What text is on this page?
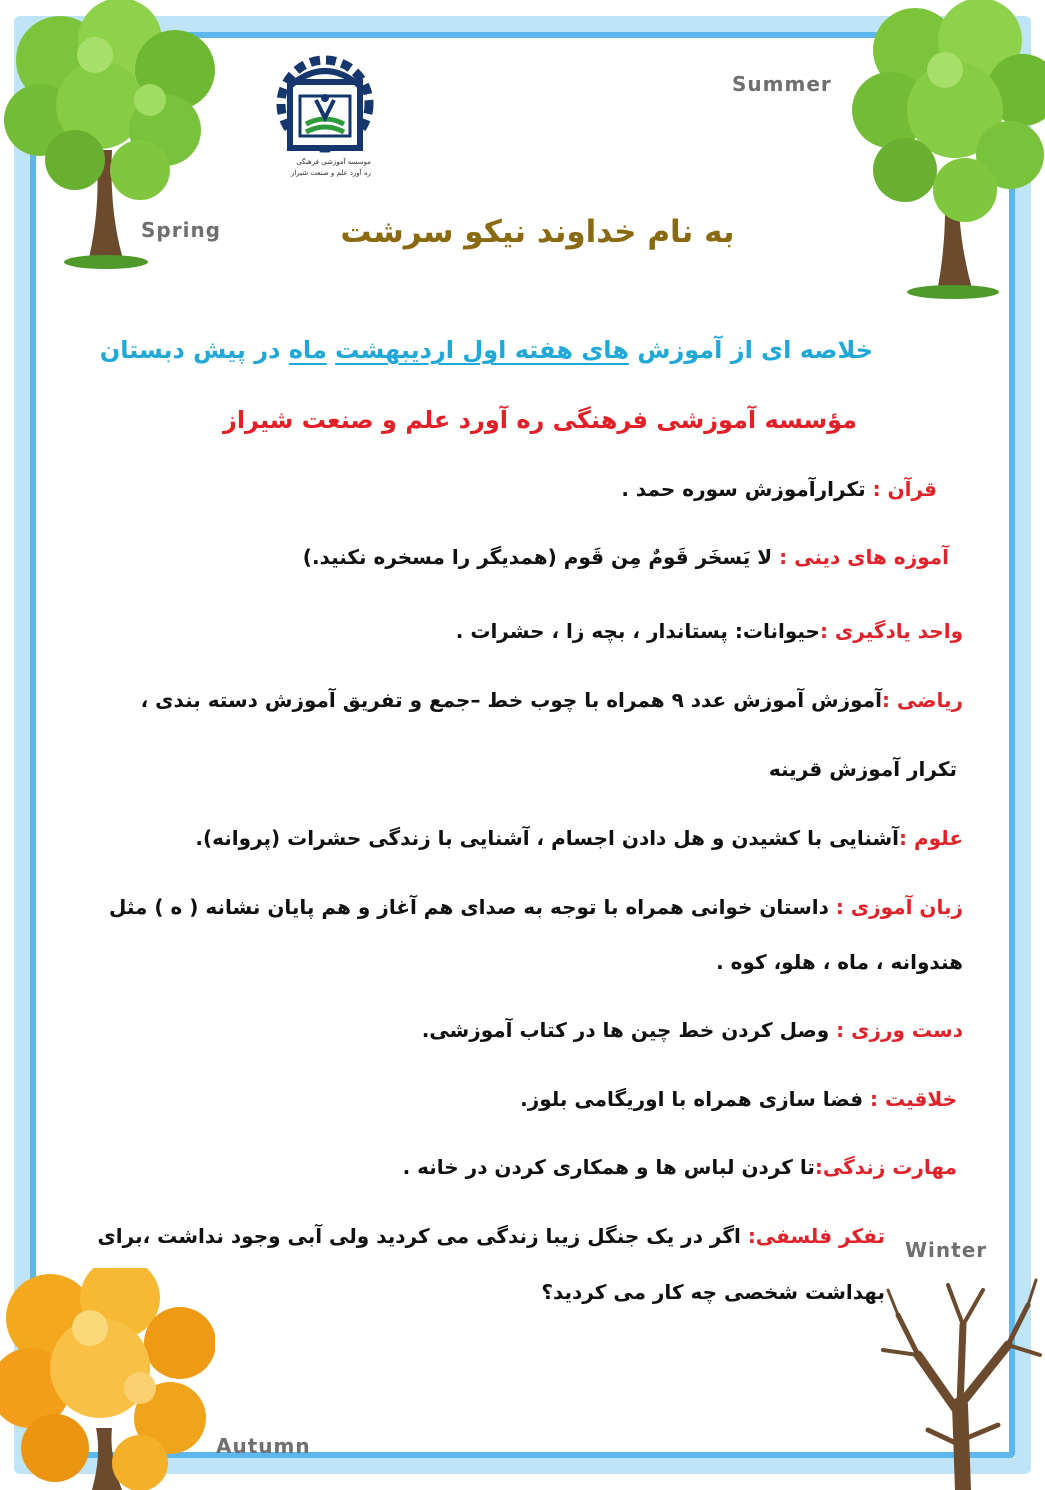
Spring
Summer
Winter
Autumn
موسسه آموزشی فرهنگی
ره آورد علم و صنعت شیراز
به نام خداوند نیکو سرشت
خلاصه ای از آموزش های هفته اول اردیبهشت ماه در پیش دبستان
مؤسسه آموزشی فرهنگی ره آورد علم و صنعت شیراز
قرآن : تکرارآموزش سوره حمد .
آموزه های دینی : لا یَسخَر قَومٌ مِن قَوم (همدیگر را مسخره نکنید.)
واحد یادگیری :حیوانات: پستاندار ، بچه زا ، حشرات .
ریاضی :آموزش آموزش عدد ۹ همراه با چوب خط –جمع و تفریق آموزش دسته بندی ،
تکرار آموزش قرینه
علوم :آشنایی با کشیدن و هل دادن اجسام ، آشنایی با زندگی حشرات (پروانه).
زبان آموزی : داستان خوانی همراه با توجه به صدای هم آغاز و هم پایان نشانه ( ه ) مثل
هندوانه ، ماه ، هلو، کوه .
دست ورزی : وصل کردن خط چین ها در کتاب آموزشی.
خلاقیت : فضا سازی همراه با اوریگامی بلوز.
مهارت زندگی:تا کردن لباس ها و همکاری کردن در خانه .
تفکر فلسفی: اگر در یک جنگل زیبا زندگی می کردید ولی آبی وجود نداشت ،برای
بهداشت شخصی چه کار می کردید؟
